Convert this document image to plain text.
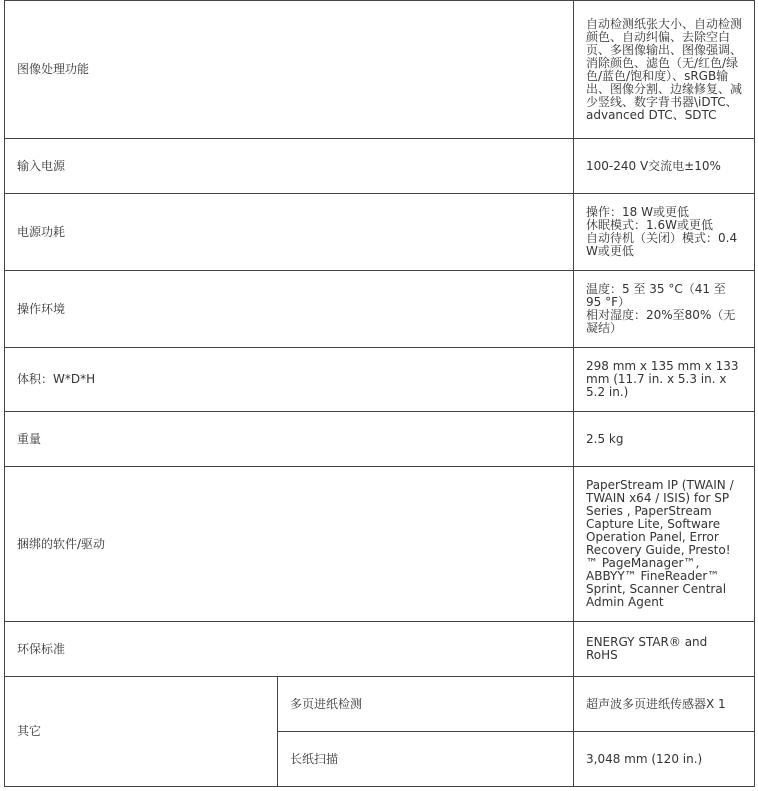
图像处理功能		自动检测纸张大小、自动检测颜色、自动纠偏、去除空白页、多图像输出、图像强调、消除颜色、滤色（无/红色/绿色/蓝色/饱和度）、sRGB输出、图像分割、边缘修复、减少竖线、数字背书器\iDTC、advanced DTC、SDTC
输入电源		100-240 V交流电±10%
电源功耗		操作：18 W或更低
休眠模式：1.6W或更低
自动待机（关闭）模式：0.4 W或更低

操作环境		温度：5 至 35 °C（41 至 95 °F）
相对湿度：20%至80%（无凝结）

体积：W*D*H		298 mm x 135 mm x 133 mm (11.7 in. x 5.3 in. x 5.2 in.)
重量		2.5 kg
捆绑的软件/驱动		PaperStream IP (TWAIN / TWAIN x64 / ISIS) for SP Series , PaperStream Capture Lite, Software Operation Panel, Error Recovery Guide, Presto!™ PageManager™, ABBYY™ FineReader™ Sprint, Scanner Central Admin Agent
环保标准		ENERGY STAR® and RoHS
其它	多页进纸检测	超声波多页进纸传感器X 1
	长纸扫描	3,048 mm (120 in.)
